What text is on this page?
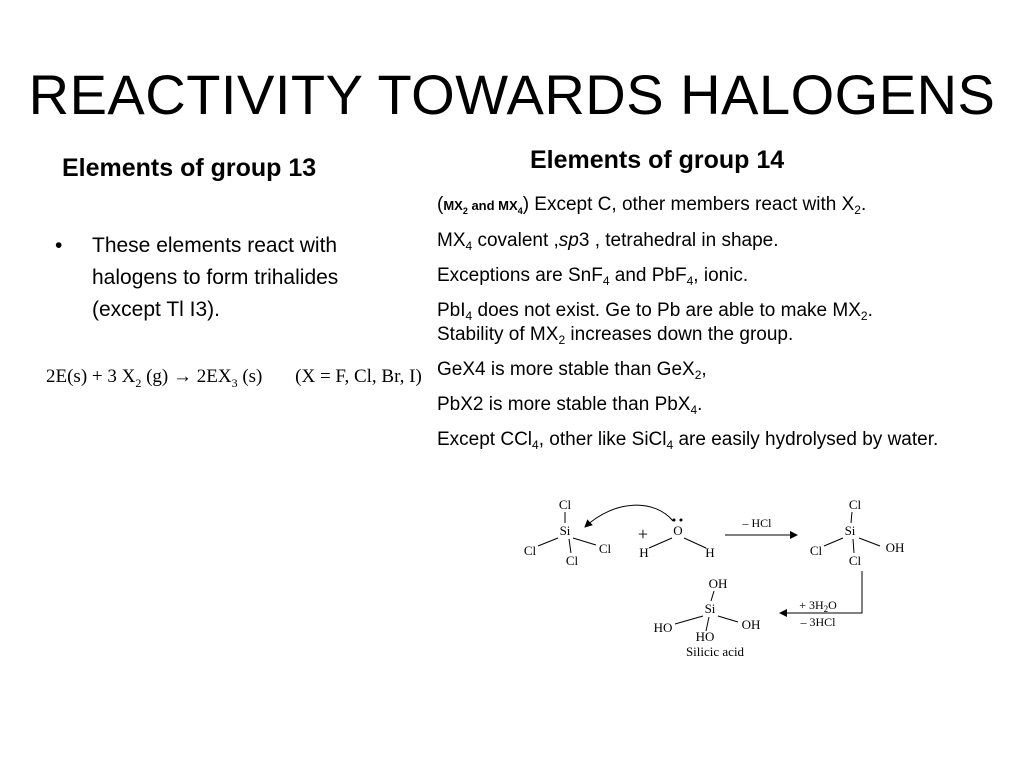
REACTIVITY TOWARDS HALOGENS
Elements of group 13	Elements of group 14
• These elements react with halogens to form trihalides (except Tl I3).
2E(s) + 3 $X_2$ $(g) \to 2EX_3$ (s) (X = F, Cl, Br, I)
($MX_2$ and $MX_4$) Except C, other members react with $X_2$.
$MX_4$ covalent ,sp3 , tetrahedral in shape.
Exceptions are SnF$_4$ and PbF$_4$, ionic.
PbI$_4$ does not exist. Ge to Pb are able to make $MX_2$.
Stability of $MX_2$ increases down the group.
GeX4 is more stable than GeX$_2$,
PbX2 is more stable than PbX$_4$.
Except CCl$_4$, other like SiCl$_4$ are easily hydrolysed by water.
Cl
Si
Cl	Cl
Cl
+ O
H	H
– HCl
Cl
Si
Cl	OH
Cl
+ $3H_2O$
– 3HCl
OH
Si
HO	OH
HO
Silicic acid
